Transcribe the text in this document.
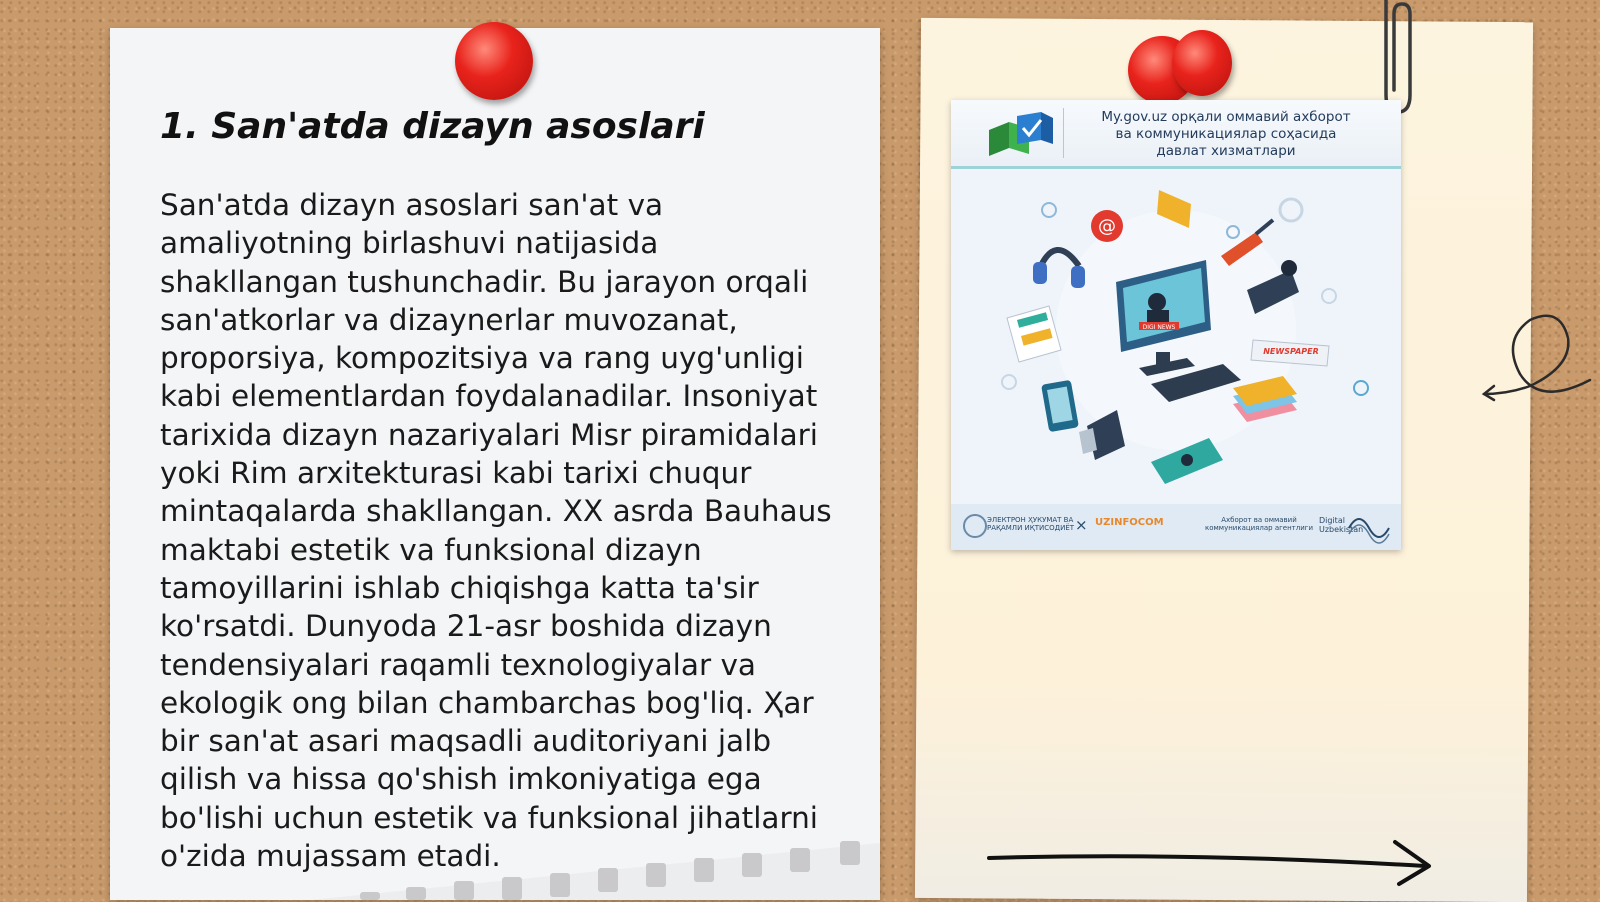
1. San'atda dizayn asoslari

San'atda dizayn asoslari san'at va
amaliyotning birlashuvi natijasida
shakllangan tushunchadir. Bu jarayon orqali
san'atkorlar va dizaynerlar muvozanat,
proporsiya, kompozitsiya va rang uyg'unligi
kabi elementlardan foydalanadilar. Insoniyat
tarixida dizayn nazariyalari Misr piramidalari
yoki Rim arxitekturasi kabi tarixi chuqur
mintaqalarda shakllangan. XX asrda Bauhaus
maktabi estetik va funksional dizayn
tamoyillarini ishlab chiqishga katta ta'sir
ko'rsatdi. Dunyoda 21-asr boshida dizayn
tendensiyalari raqamli texnologiyalar va
ekologik ong bilan chambarchas bog'liq. Ҳar
bir san'at asari maqsadli auditoriyani jalb
qilish va hissa qo'shish imkoniyatiga ega
bo'lishi uchun estetik va funksional jihatlarni
o'zida mujassam etadi.

My.gov.uz орқали оммавий ахборот
ва коммуникациялар соҳасида
давлат хизматлари
DIGI NEWS
@
NEWSPAPER
ЭЛЕКТРОН ҲУКУМАТ ВА
РАҚАМЛИ ИҚТИСОДИЁТ ⨯ UZINFOCOM	Ахборот ва оммавий
коммуникациялар агентлиги
Digital
Uzbekistan
